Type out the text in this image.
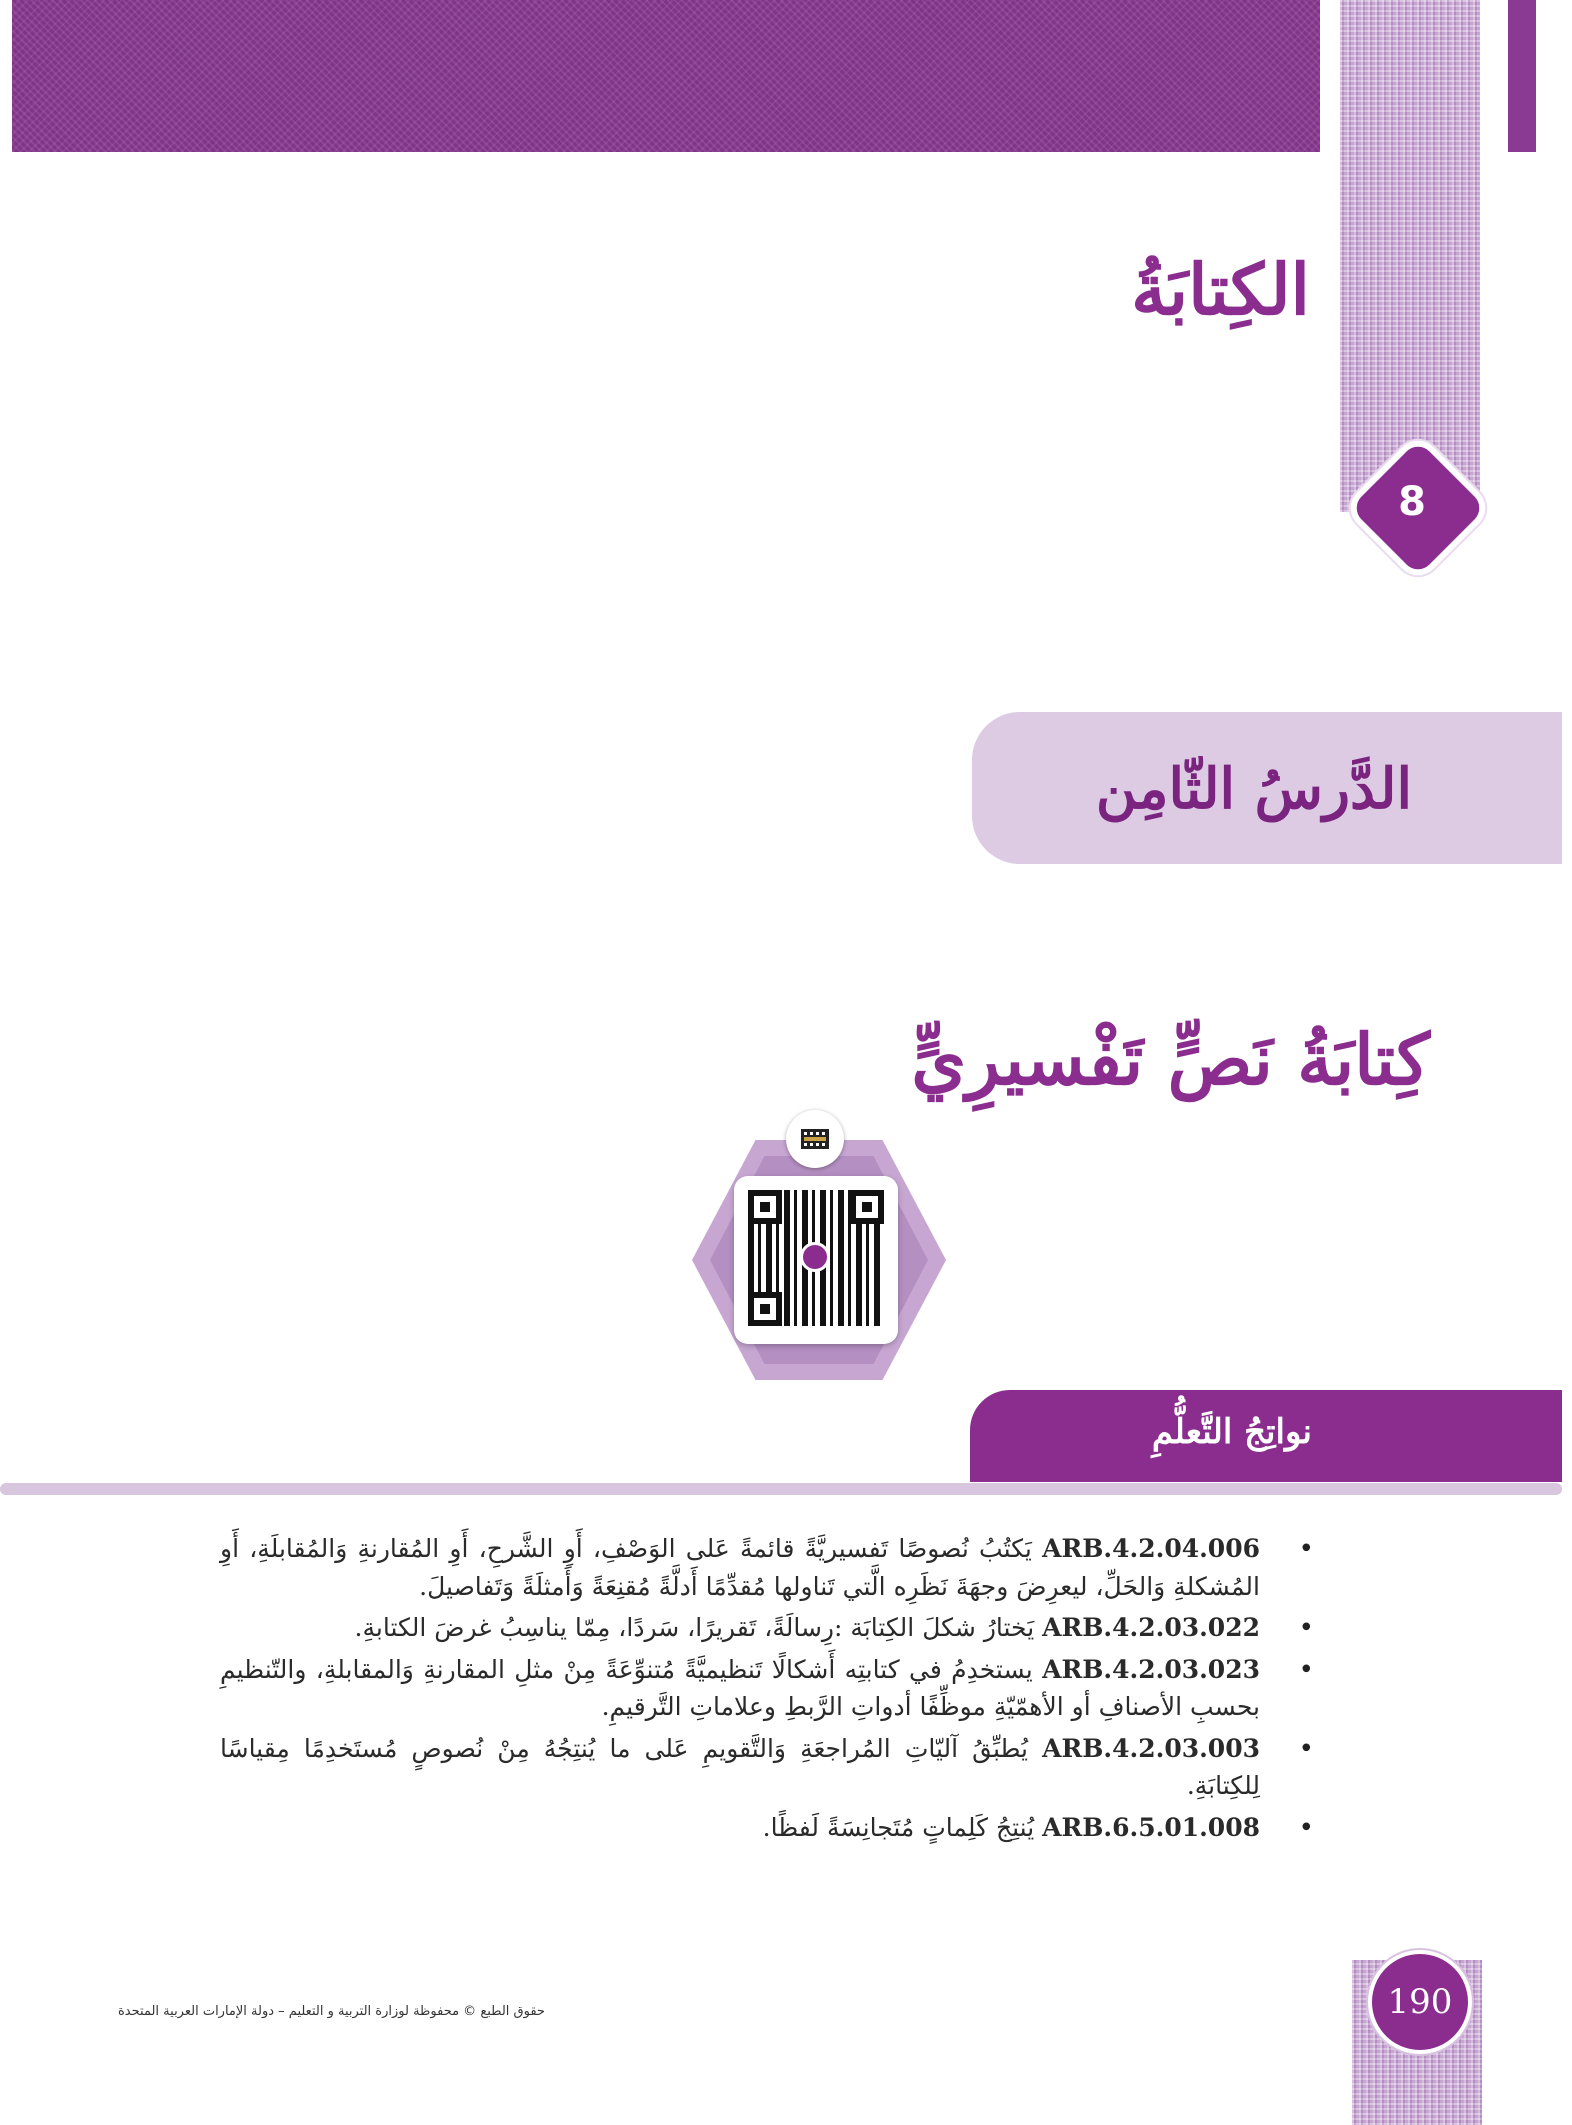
الكِتابَةُ
8
الدَّرسُ الثّامِن
كِتابَةُ نَصٍّ تَفْسيرِيٍّ
نواتِجُ التَّعلُّمِ
•
ARB.4.2.04.006 يَكتُبُ نُصوصًا تَفسيريَّةً قائمةً عَلى الوَصْفِ، أَوِ الشَّرحِ، أَوِ المُقارنةِ وَالمُقابلَةِ، أَوِ المُشكلةِ وَالحَلِّ، ليعرِضَ وجهَةَ نَظَرِه الَّتي تَناولها مُقدِّمًا أَدلَّةً مُقنِعَةً وَأَمثلَةً وَتَفاصيلَ.
•
ARB.4.2.03.022 يَختارُ شكلَ الكِتابَة :رِسالَةً، تَقريرًا، سَردًا، مِمّا يناسِبُ غرضَ الكتابةِ.
•
ARB.4.2.03.023 يستخدِمُ في كتابتِه أَشكالًا تَنظيميَّةً مُتنوِّعَةً مِنْ مثلِ المقارنةِ وَالمقابلةِ، والتّنظيمِ بحسبِ الأصنافِ أو الأهمّيّةِ موظِّفًا أدواتِ الرَّبطِ وعلاماتِ التَّرقيمِ.
•
ARB.4.2.03.003 يُطبِّقُ آليّاتِ المُراجعَةِ وَالتَّقويمِ عَلى ما يُنتِجُهُ مِنْ نُصوصٍ مُستَخدِمًا مِقياسًا لِلكِتابَةِ.
•
ARB.6.5.01.008 يُنتِجُ كَلِماتٍ مُتَجانِسَةً لَفظًا.
190
حقوق الطبع © محفوظة لوزارة التربية و التعليم – دولة الإمارات العربية المتحدة
